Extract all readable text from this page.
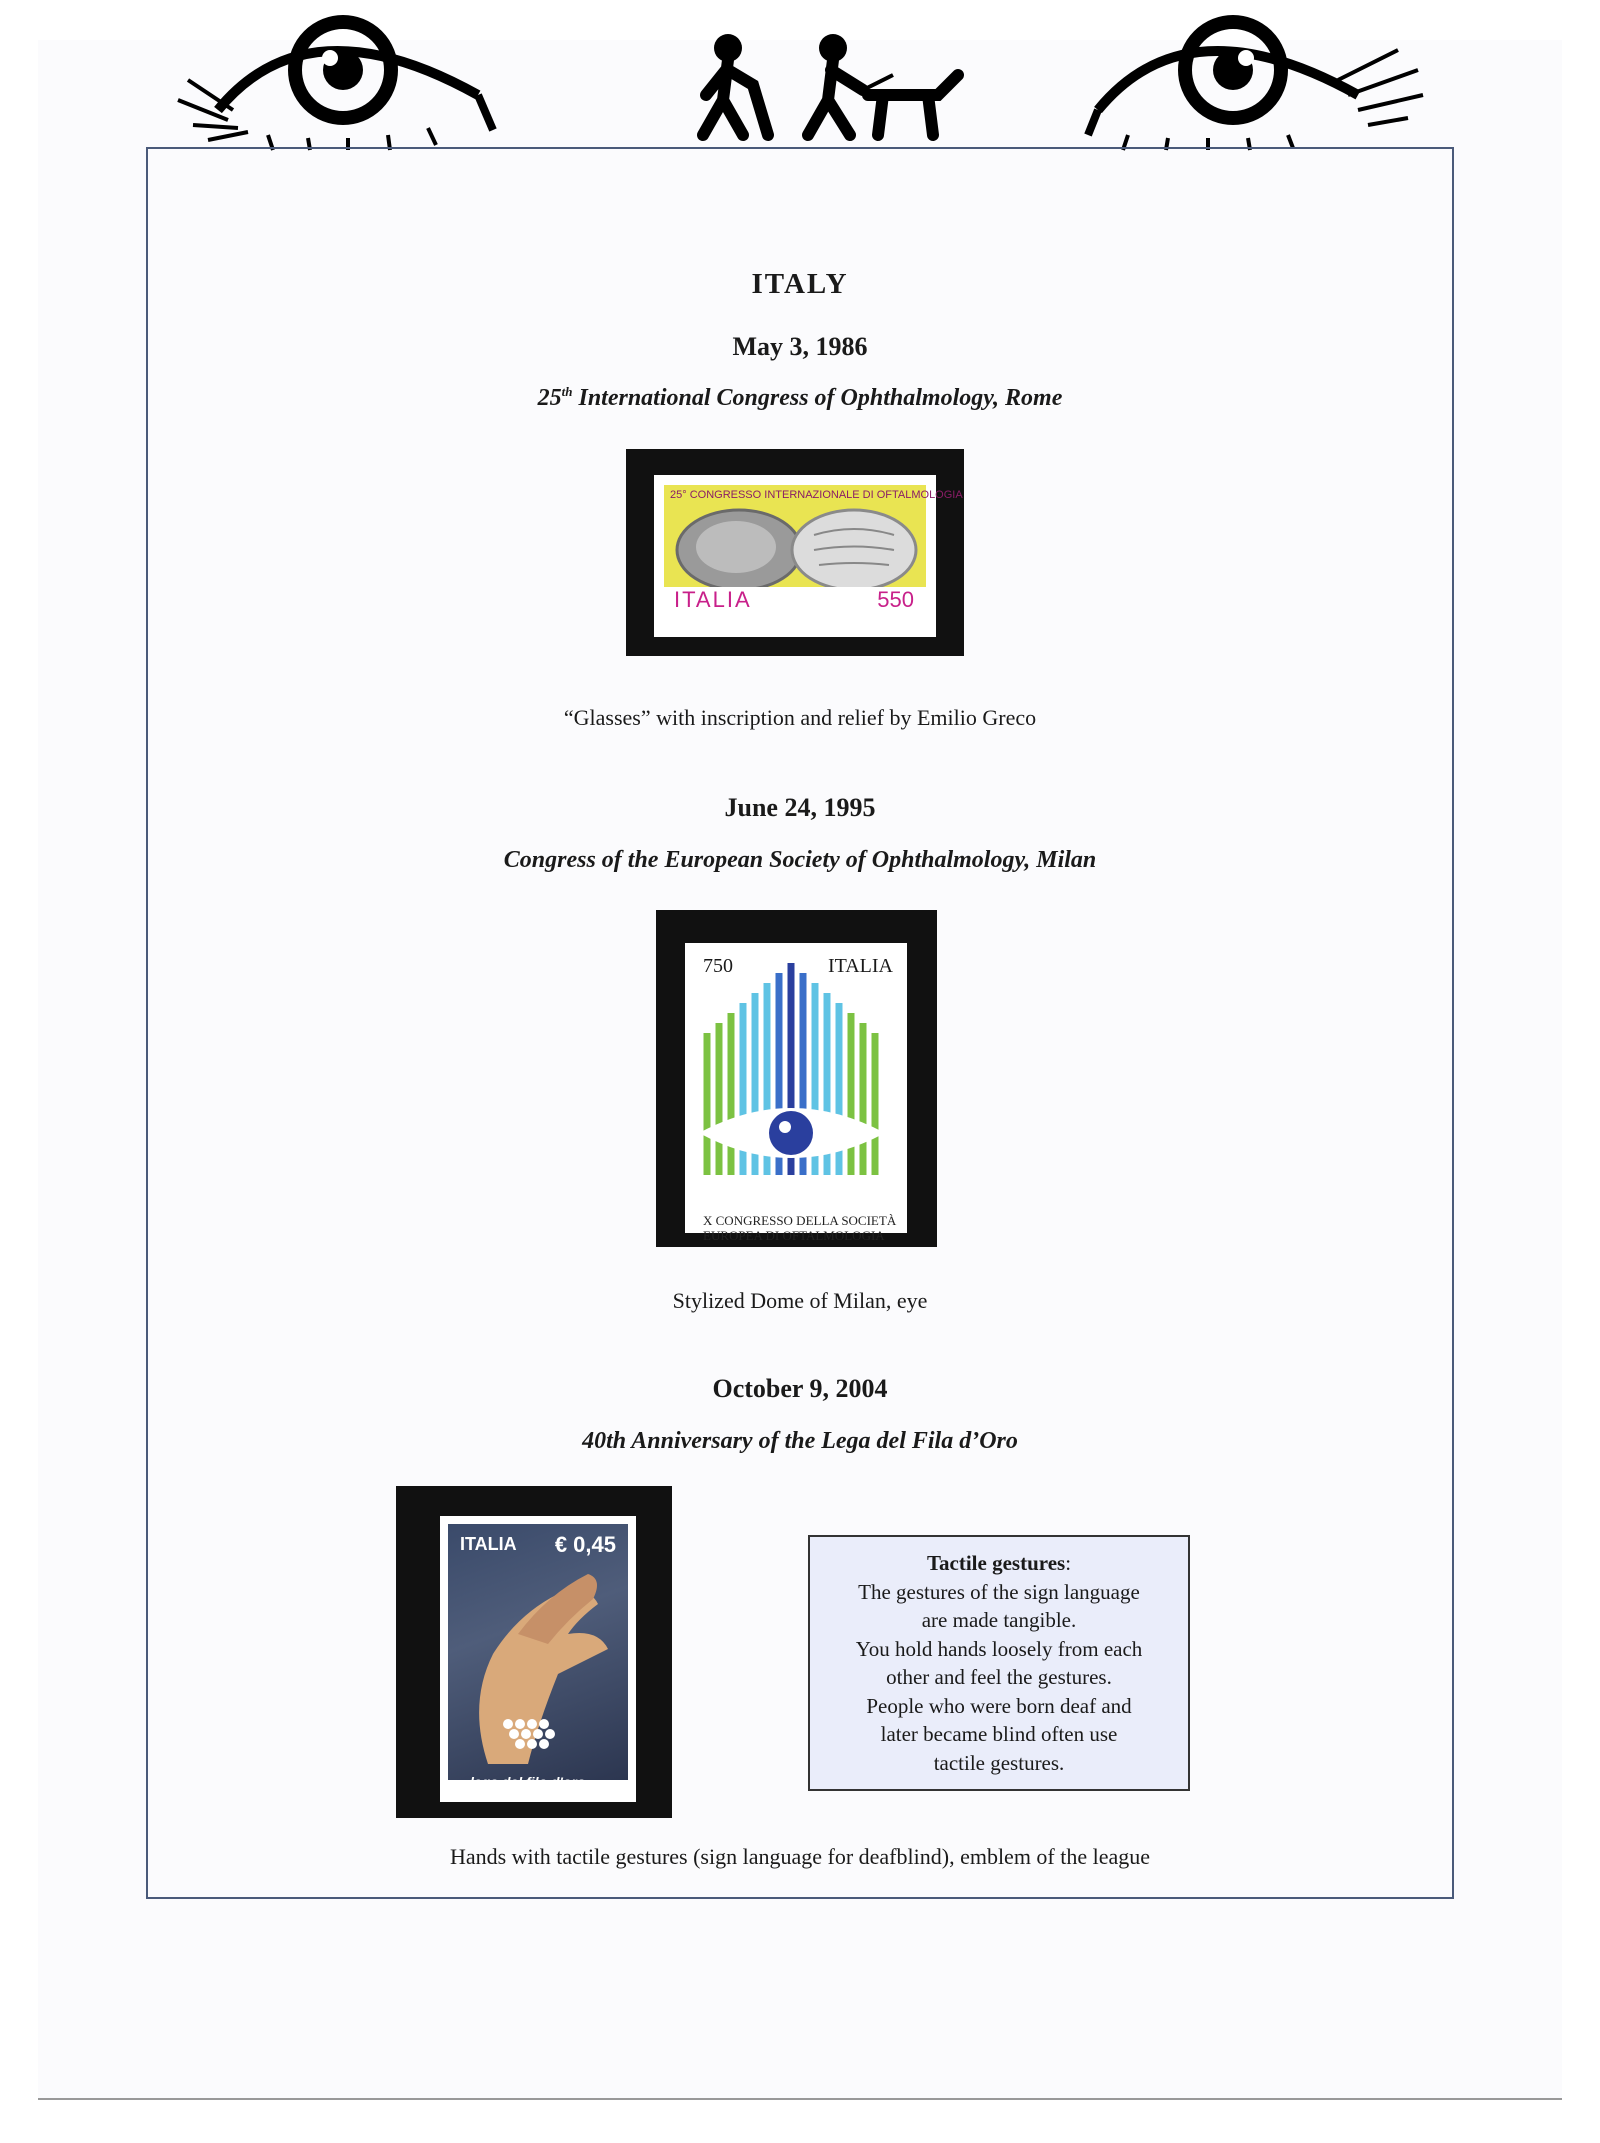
ITALY
May 3, 1986
25th International Congress of Ophthalmology, Rome
25° CONGRESSO INTERNAZIONALE DI OFTALMOLOGIA
ITALIA	550
“Glasses” with inscription and relief by Emilio Greco
June 24, 1995
Congress of the European Society of Ophthalmology, Milan
750	ITALIA
X CONGRESSO DELLA SOCIETÀ
EUROPEA DI OFTALMOLOGIA
Stylized Dome of Milan, eye
October 9, 2004
40th Anniversary of the Lega del Fila d’Oro
ITALIA € 0,45
lega del filo d'oro
Tactile gestures:
The gestures of the sign language
are made tangible.
You hold hands loosely from each
other and feel the gestures.
People who were born deaf and
later became blind often use
tactile gestures.
Hands with tactile gestures (sign language for deafblind), emblem of the league
